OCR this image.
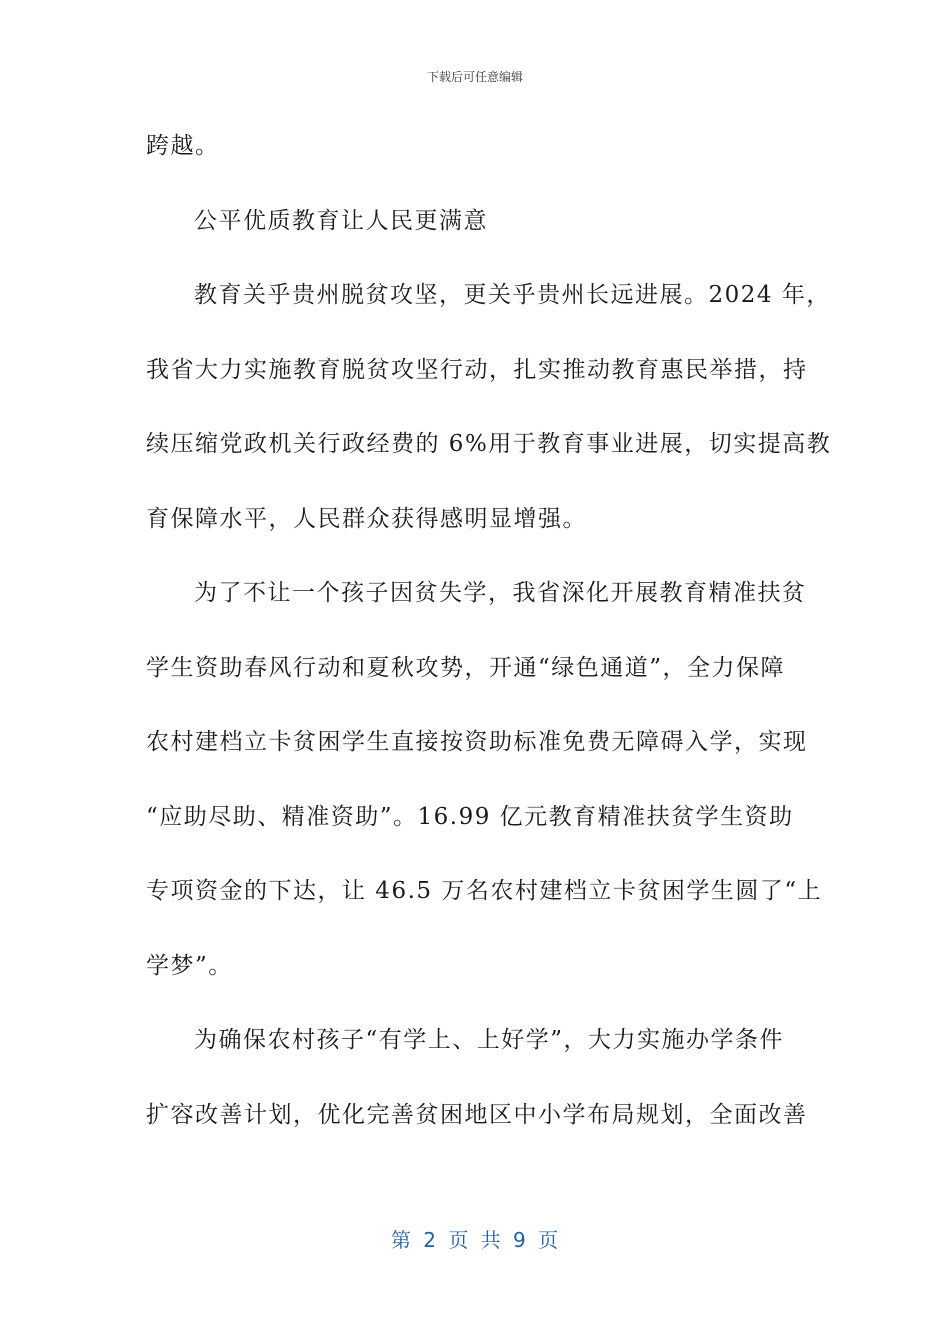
下载后可任意编辑
跨越。
公平优质教育让人民更满意
教育关乎贵州脱贫攻坚，更关乎贵州长远进展。2024 年，
我省大力实施教育脱贫攻坚行动，扎实推动教育惠民举措，持
续压缩党政机关行政经费的 6%用于教育事业进展，切实提高教
育保障水平，人民群众获得感明显增强。
为了不让一个孩子因贫失学，我省深化开展教育精准扶贫
学生资助春风行动和夏秋攻势，开通“绿色通道”，全力保障
农村建档立卡贫困学生直接按资助标准免费无障碍入学，实现
“应助尽助、精准资助”。16.99 亿元教育精准扶贫学生资助
专项资金的下达，让 46.5 万名农村建档立卡贫困学生圆了“上
学梦”。
为确保农村孩子“有学上、上好学”，大力实施办学条件
扩容改善计划，优化完善贫困地区中小学布局规划，全面改善
第 2 页 共 9 页
